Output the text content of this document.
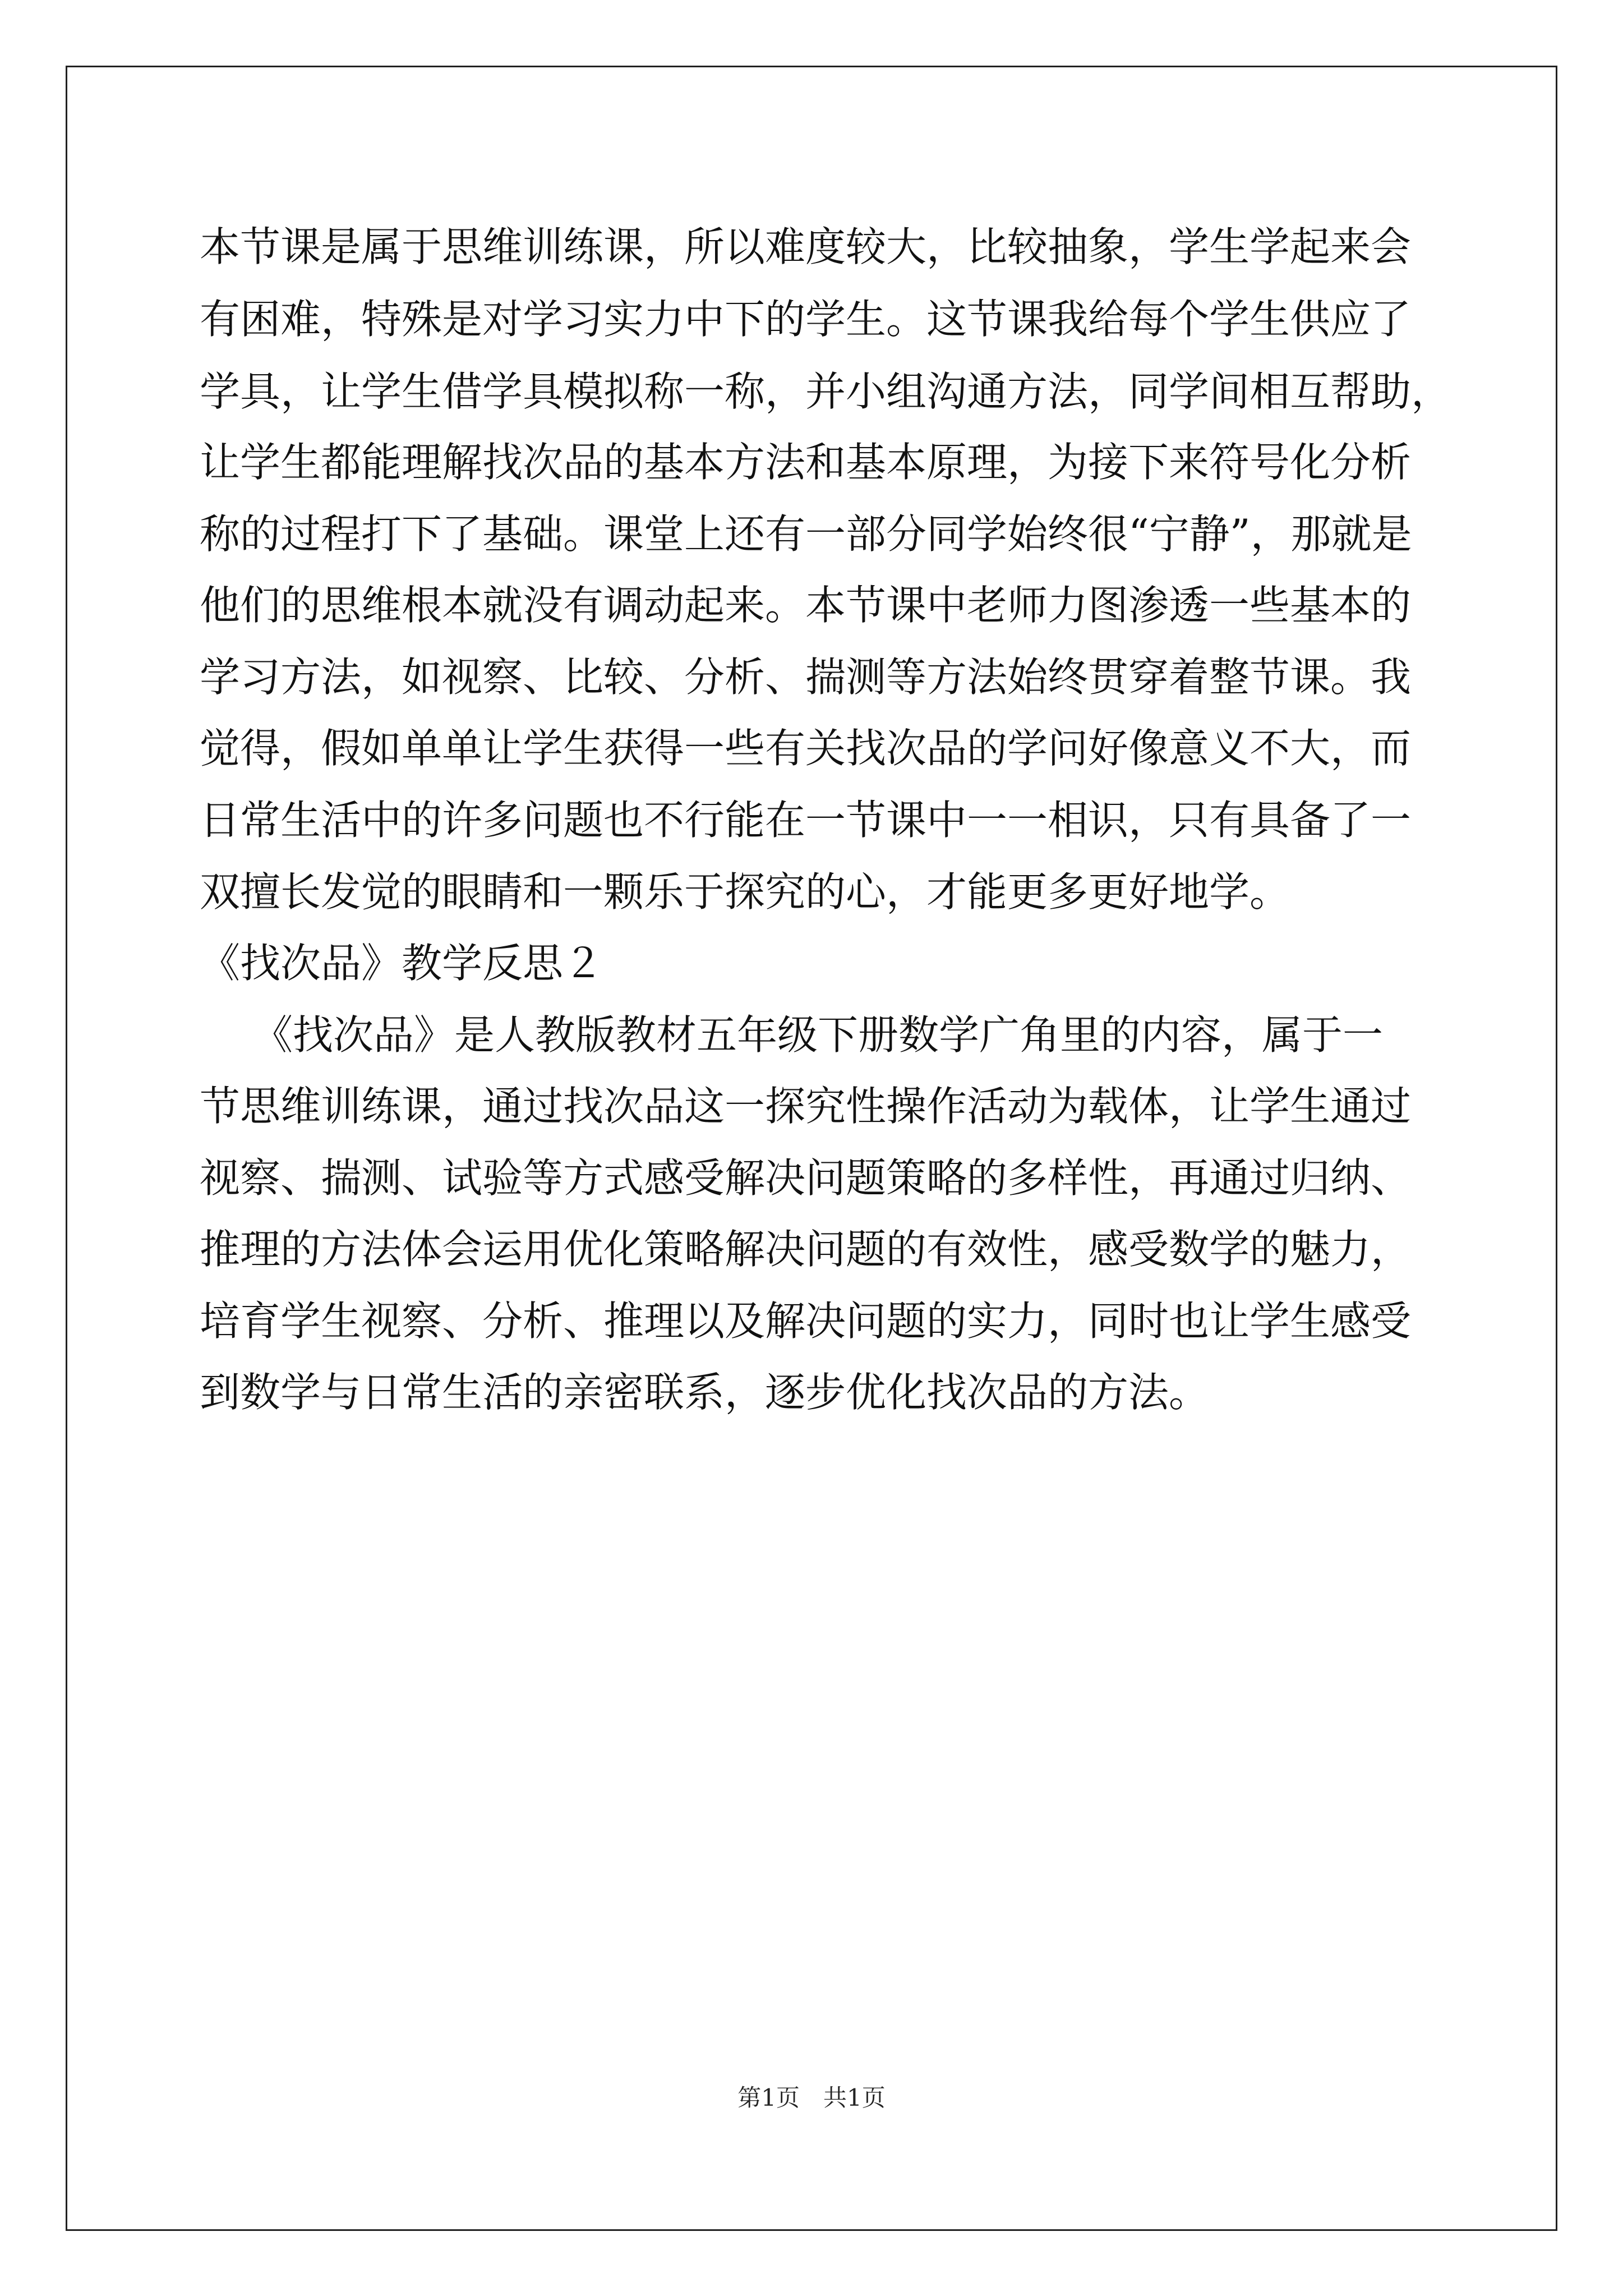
本节课是属于思维训练课，所以难度较大，比较抽象，学生学起来会

有困难，特殊是对学习实力中下的学生。这节课我给每个学生供应了

学具，让学生借学具模拟称一称，并小组沟通方法，同学间相互帮助，

让学生都能理解找次品的基本方法和基本原理，为接下来符号化分析

称的过程打下了基础。课堂上还有一部分同学始终很“宁静”，那就是

他们的思维根本就没有调动起来。本节课中老师力图渗透一些基本的

学习方法，如视察、比较、分析、揣测等方法始终贯穿着整节课。我

觉得，假如单单让学生获得一些有关找次品的学问好像意义不大，而

日常生活中的许多问题也不行能在一节课中一一相识，只有具备了一

双擅长发觉的眼睛和一颗乐于探究的心，才能更多更好地学。

《找次品》教学反思２

《找次品》是人教版教材五年级下册数学广角里的内容，属于一

节思维训练课，通过找次品这一探究性操作活动为载体，让学生通过

视察、揣测、试验等方式感受解决问题策略的多样性，再通过归纳、

推理的方法体会运用优化策略解决问题的有效性，感受数学的魅力，

培育学生视察、分析、推理以及解决问题的实力，同时也让学生感受

到数学与日常生活的亲密联系，逐步优化找次品的方法。

第1页　共1页
